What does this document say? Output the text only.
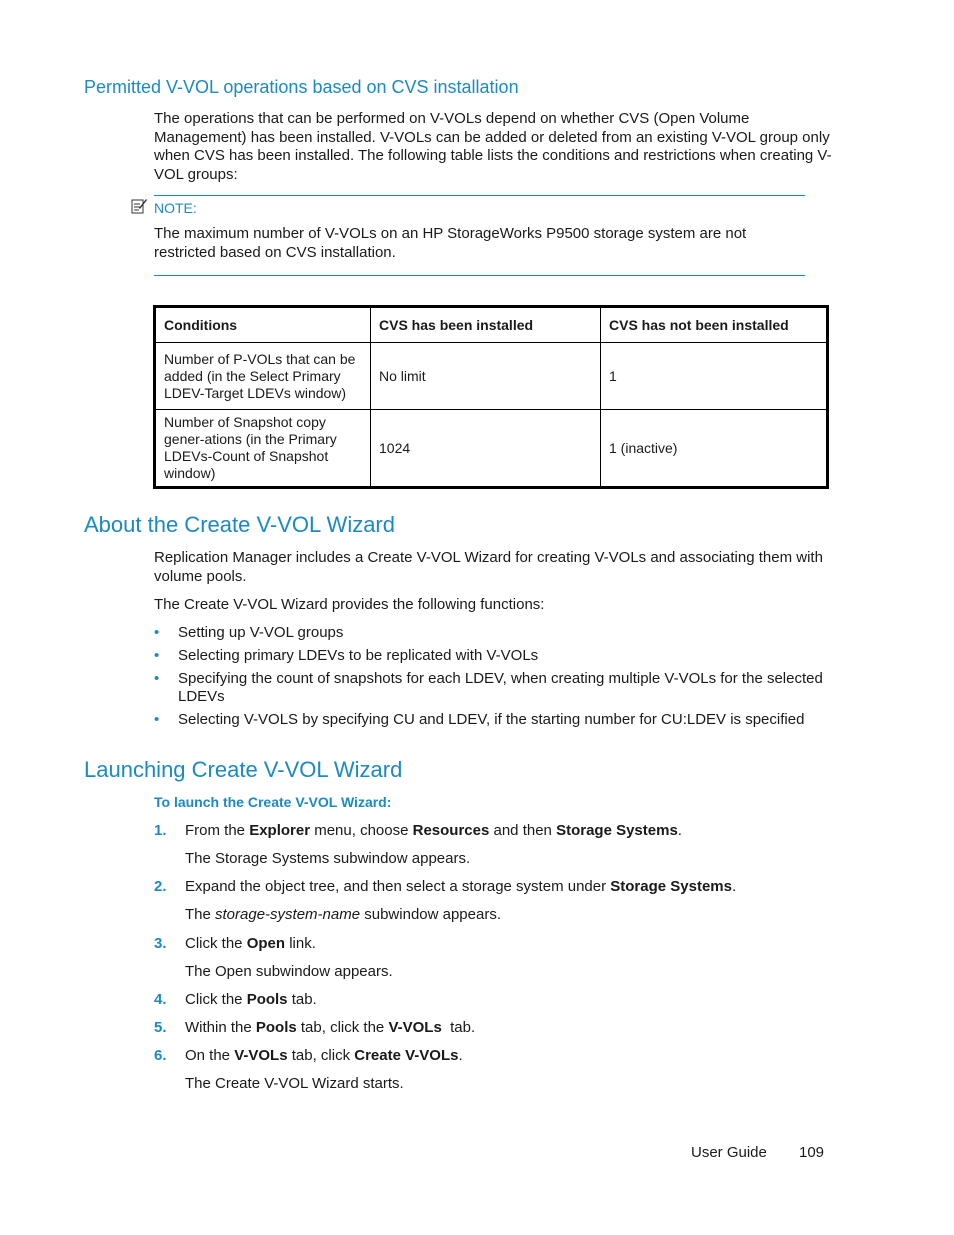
Permitted V-VOL operations based on CVS installation
The operations that can be performed on V-VOLs depend on whether CVS (Open Volume Management) has been installed. V-VOLs can be added or deleted from an existing V-VOL group only when CVS has been installed. The following table lists the conditions and restrictions when creating V-VOL groups:
NOTE:
The maximum number of V-VOLs on an HP StorageWorks P9500 storage system are not restricted based on CVS installation.
Conditions	CVS has been installed	CVS has not been installed
Number of P-VOLs that can be added (in the Select Primary LDEV-Target LDEVs window)	No limit	1
Number of Snapshot copy gener-ations (in the Primary LDEVs-Count of Snapshot window)	1024	1 (inactive)
About the Create V-VOL Wizard
Replication Manager includes a Create V-VOL Wizard for creating V-VOLs and associating them with volume pools.
The Create V-VOL Wizard provides the following functions:
• Setting up V-VOL groups
• Selecting primary LDEVs to be replicated with V-VOLs
• Specifying the count of snapshots for each LDEV, when creating multiple V-VOLs for the selected LDEVs
• Selecting V-VOLS by specifying CU and LDEV, if the starting number for CU:LDEV is specified
Launching Create V-VOL Wizard
To launch the Create V-VOL Wizard:
1. From the Explorer menu, choose Resources and then Storage Systems.
The Storage Systems subwindow appears.
2. Expand the object tree, and then select a storage system under Storage Systems.
The storage-system-name subwindow appears.
3. Click the Open link.
The Open subwindow appears.
4. Click the Pools tab.
5. Within the Pools tab, click the V-VOLs  tab.
6. On the V-VOLs tab, click Create V-VOLs.
The Create V-VOL Wizard starts.
User Guide 109
